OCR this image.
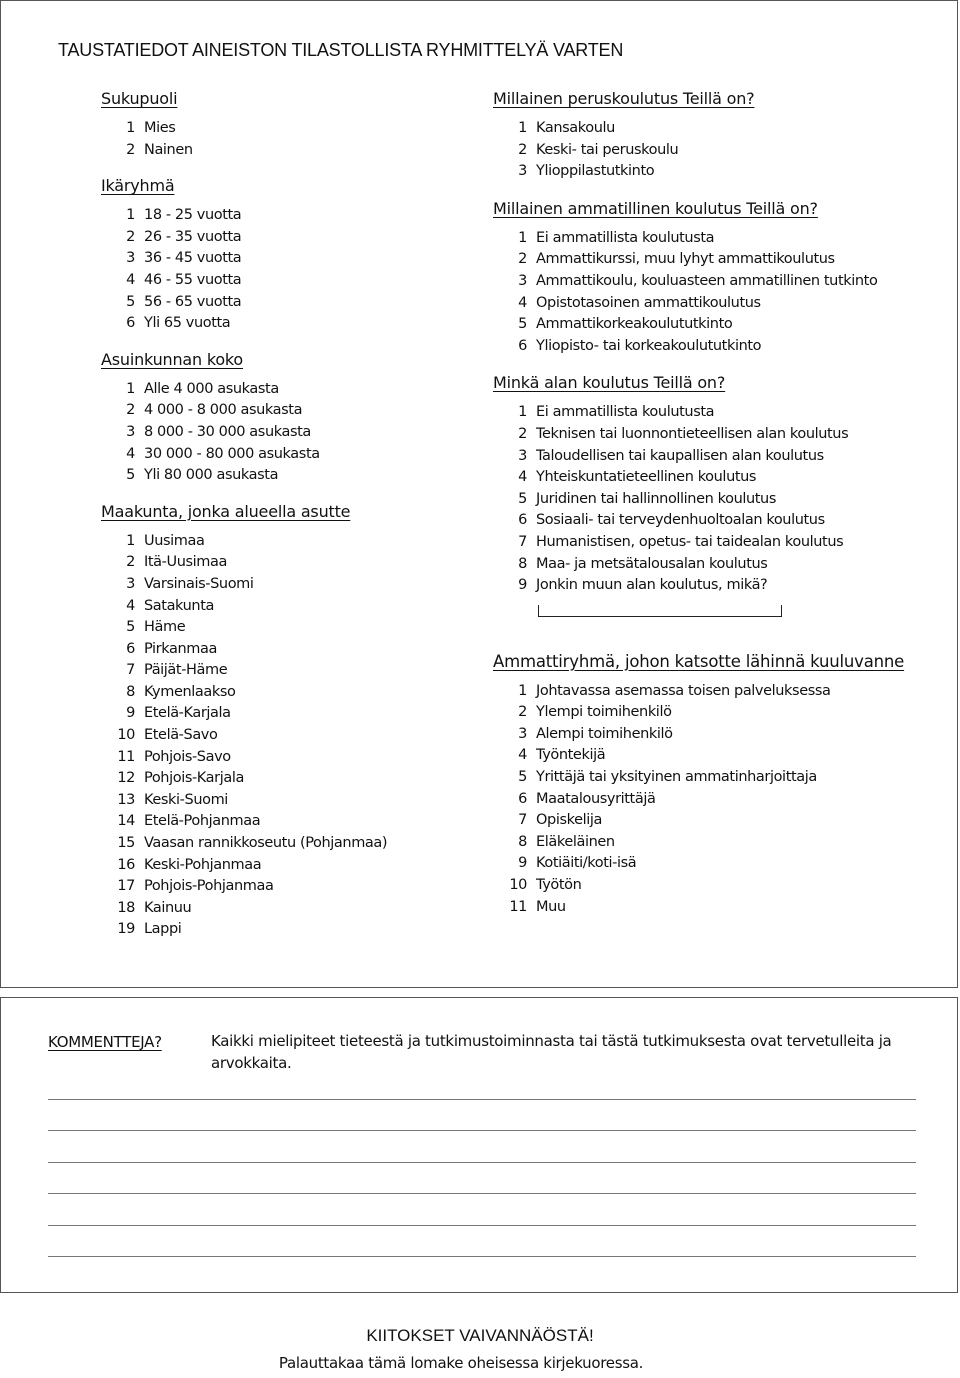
TAUSTATIEDOT AINEISTON TILASTOLLISTA RYHMITTELYÄ VARTEN
Sukupuoli
1 Mies
2 Nainen
Ikäryhmä
1 18 - 25 vuotta
2 26 - 35 vuotta
3 36 - 45 vuotta
4 46 - 55 vuotta
5 56 - 65 vuotta
6 Yli 65 vuotta
Asuinkunnan koko
1 Alle 4 000 asukasta
2 4 000 - 8 000 asukasta
3 8 000 - 30 000 asukasta
4 30 000 - 80 000 asukasta
5 Yli 80 000 asukasta
Maakunta, jonka alueella asutte
1 Uusimaa
2 Itä-Uusimaa
3 Varsinais-Suomi
4 Satakunta
5 Häme
6 Pirkanmaa
7 Päijät-Häme
8 Kymenlaakso
9 Etelä-Karjala
10 Etelä-Savo
11 Pohjois-Savo
12 Pohjois-Karjala
13 Keski-Suomi
14 Etelä-Pohjanmaa
15 Vaasan rannikkoseutu (Pohjanmaa)
16 Keski-Pohjanmaa
17 Pohjois-Pohjanmaa
18 Kainuu
19 Lappi
Millainen peruskoulutus Teillä on?
1 Kansakoulu
2 Keski- tai peruskoulu
3 Ylioppilastutkinto
Millainen ammatillinen koulutus Teillä on?
1 Ei ammatillista koulutusta
2 Ammattikurssi, muu lyhyt ammattikoulutus
3 Ammattikoulu, kouluasteen ammatillinen tutkinto
4 Opistotasoinen ammattikoulutus
5 Ammattikorkeakoulututkinto
6 Yliopisto- tai korkeakoulututkinto
Minkä alan koulutus Teillä on?
1 Ei ammatillista koulutusta
2 Teknisen tai luonnontieteellisen alan koulutus
3 Taloudellisen tai kaupallisen alan koulutus
4 Yhteiskuntatieteellinen koulutus
5 Juridinen tai hallinnollinen koulutus
6 Sosiaali- tai terveydenhuoltoalan koulutus
7 Humanistisen, opetus- tai taidealan koulutus
8 Maa- ja metsätalousalan koulutus
9 Jonkin muun alan koulutus, mikä?
Ammattiryhmä, johon katsotte lähinnä kuuluvanne
1 Johtavassa asemassa toisen palveluksessa
2 Ylempi toimihenkilö
3 Alempi toimihenkilö
4 Työntekijä
5 Yrittäjä tai yksityinen ammatinharjoittaja
6 Maatalousyrittäjä
7 Opiskelija
8 Eläkeläinen
9 Kotiäiti/koti-isä
10 Työtön
11 Muu
KOMMENTTEJA?	Kaikki mielipiteet tieteestä ja tutkimustoiminnasta tai tästä tutkimuksesta ovat tervetulleita ja arvokkaita.
KIITOKSET VAIVANNÄÖSTÄ!
Palauttakaa tämä lomake oheisessa kirjekuoressa.
